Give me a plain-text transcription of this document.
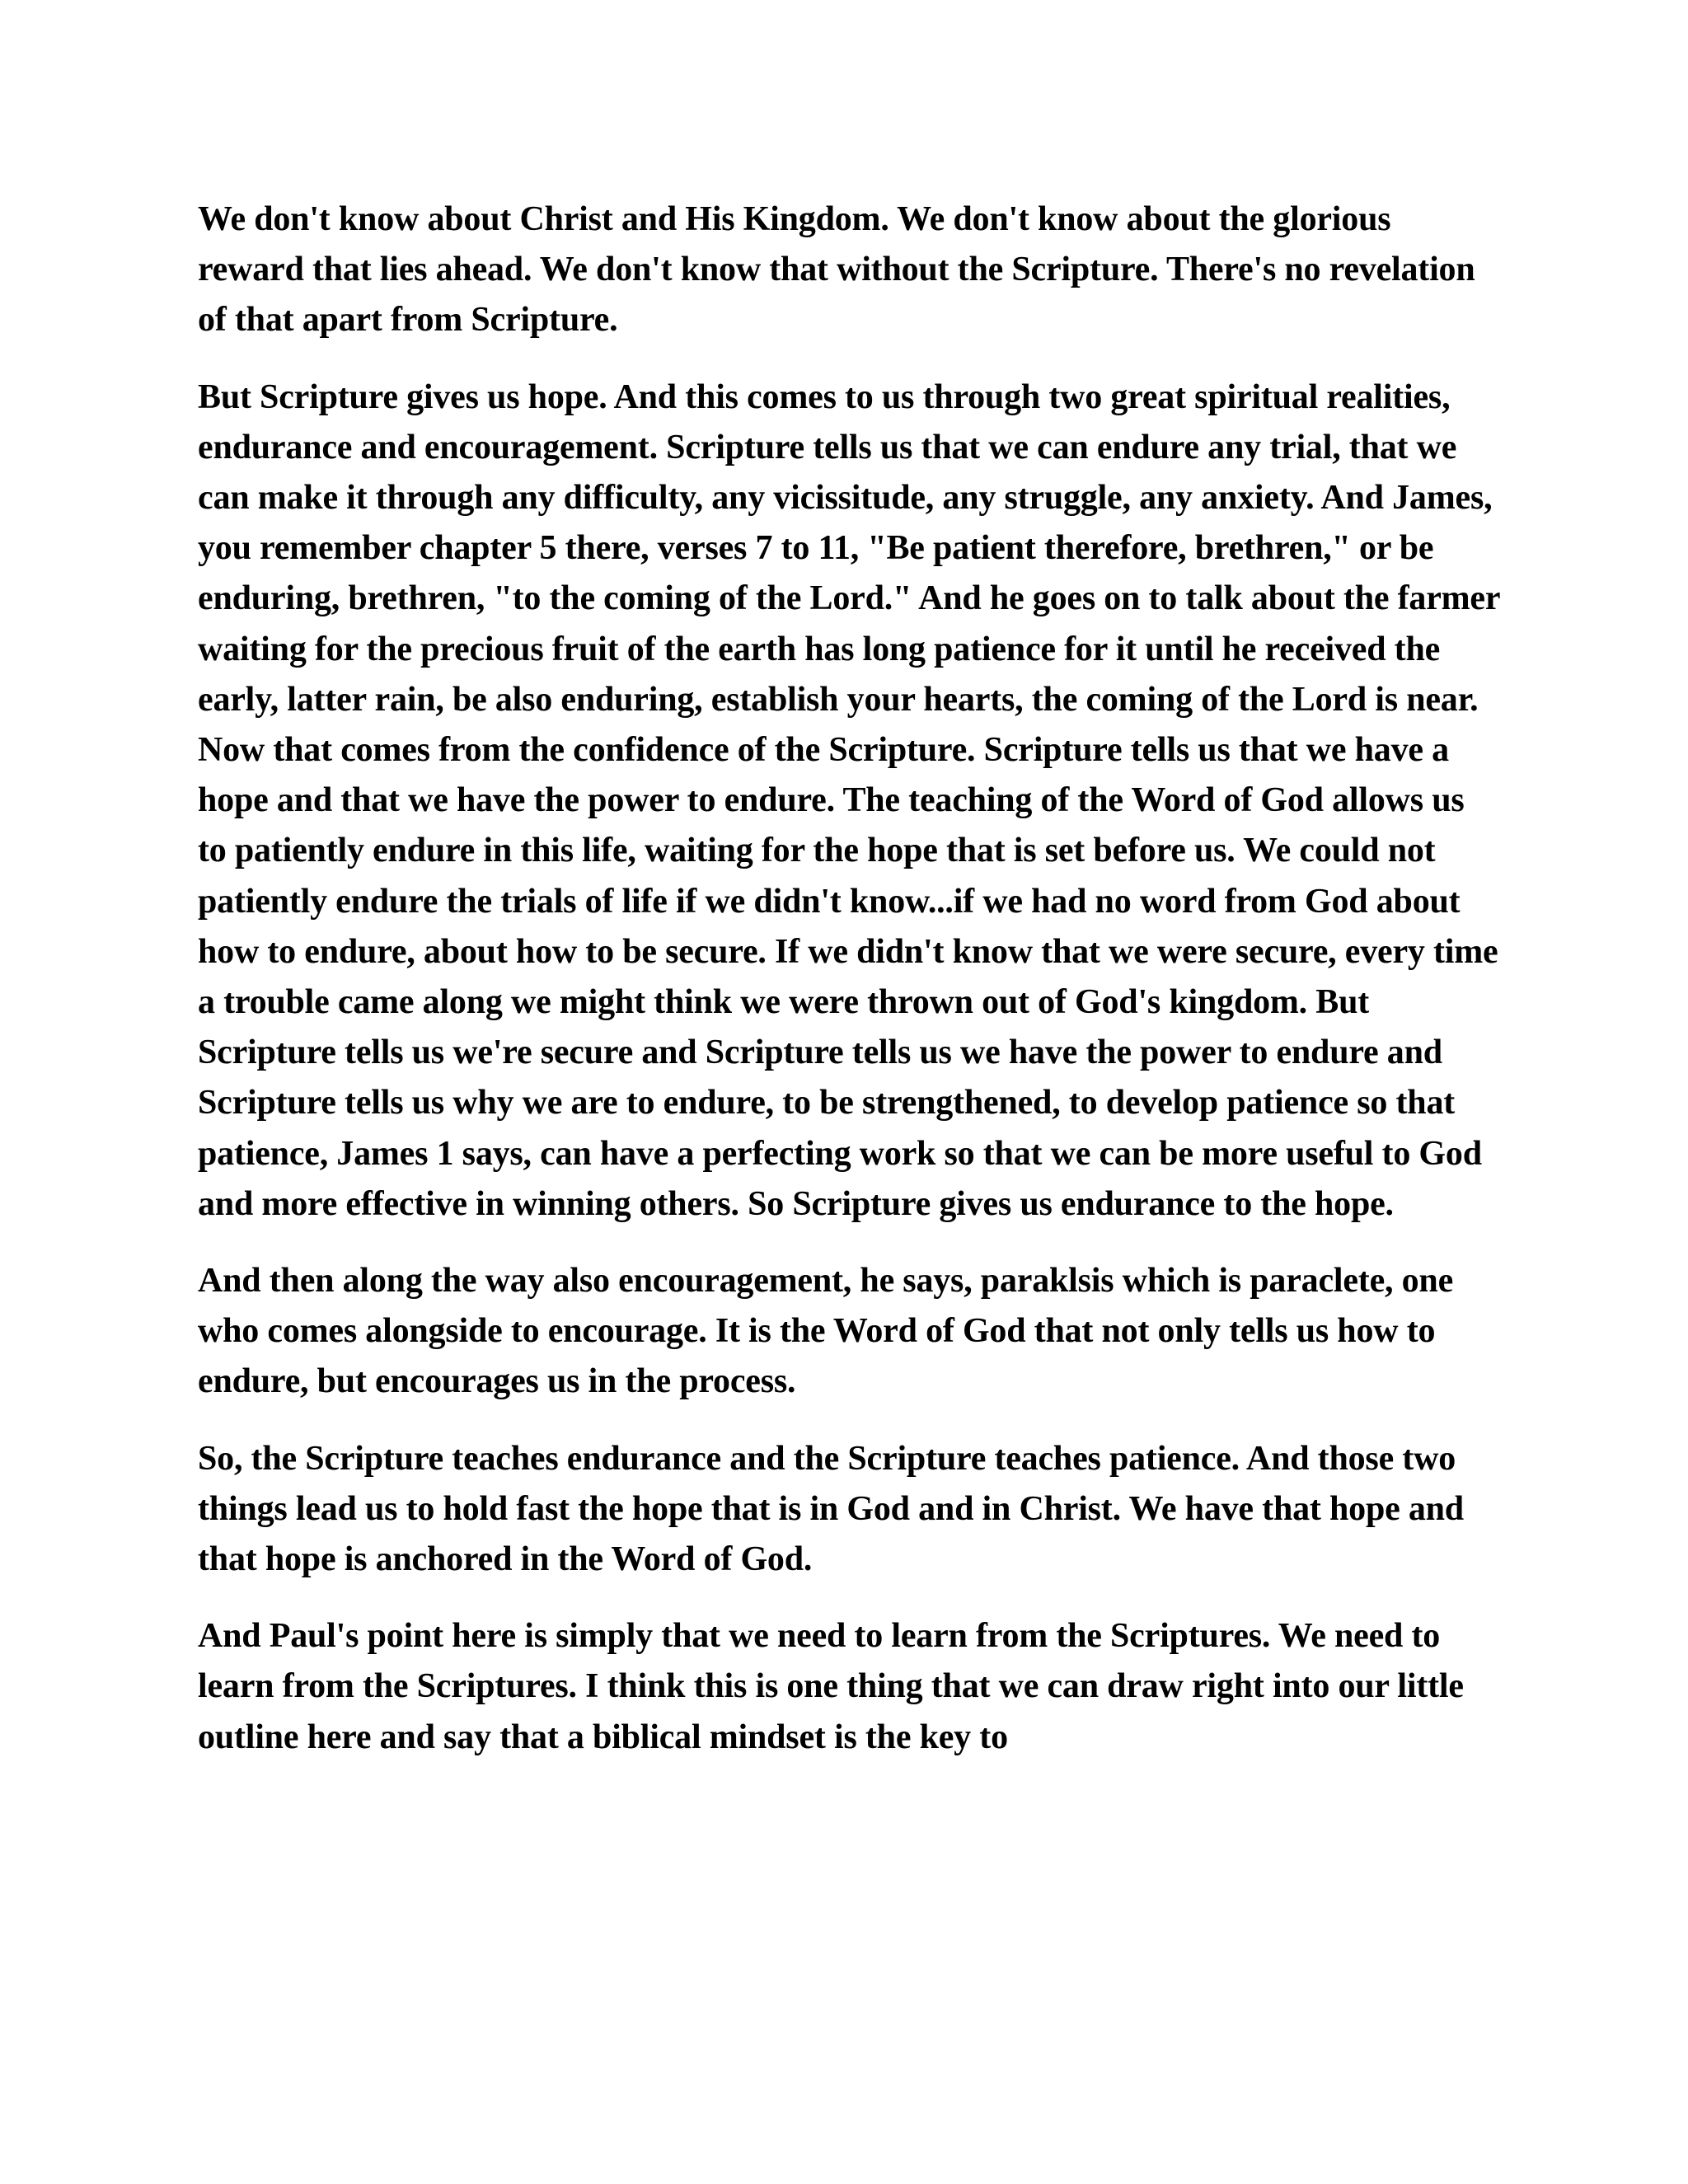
We don't know about Christ and His Kingdom. We don't know about the glorious reward that lies ahead. We don't know that without the Scripture. There's no revelation of that apart from Scripture.

But Scripture gives us hope. And this comes to us through two great spiritual realities, endurance and encouragement. Scripture tells us that we can endure any trial, that we can make it through any difficulty, any vicissitude, any struggle, any anxiety. And James, you remember chapter 5 there, verses 7 to 11, "Be patient therefore, brethren," or be enduring, brethren, "to the coming of the Lord." And he goes on to talk about the farmer waiting for the precious fruit of the earth has long patience for it until he received the early, latter rain, be also enduring, establish your hearts, the coming of the Lord is near. Now that comes from the confidence of the Scripture. Scripture tells us that we have a hope and that we have the power to endure. The teaching of the Word of God allows us to patiently endure in this life, waiting for the hope that is set before us. We could not patiently endure the trials of life if we didn't know...if we had no word from God about how to endure, about how to be secure. If we didn't know that we were secure, every time a trouble came along we might think we were thrown out of God's kingdom. But Scripture tells us we're secure and Scripture tells us we have the power to endure and Scripture tells us why we are to endure, to be strengthened, to develop patience so that patience, James 1 says, can have a perfecting work so that we can be more useful to God and more effective in winning others. So Scripture gives us endurance to the hope.

And then along the way also encouragement, he says, paraklsis which is paraclete, one who comes alongside to encourage. It is the Word of God that not only tells us how to endure, but encourages us in the process.

So, the Scripture teaches endurance and the Scripture teaches patience. And those two things lead us to hold fast the hope that is in God and in Christ. We have that hope and that hope is anchored in the Word of God.

And Paul's point here is simply that we need to learn from the Scriptures. We need to learn from the Scriptures. I think this is one thing that we can draw right into our little outline here and say that a biblical mindset is the key to
